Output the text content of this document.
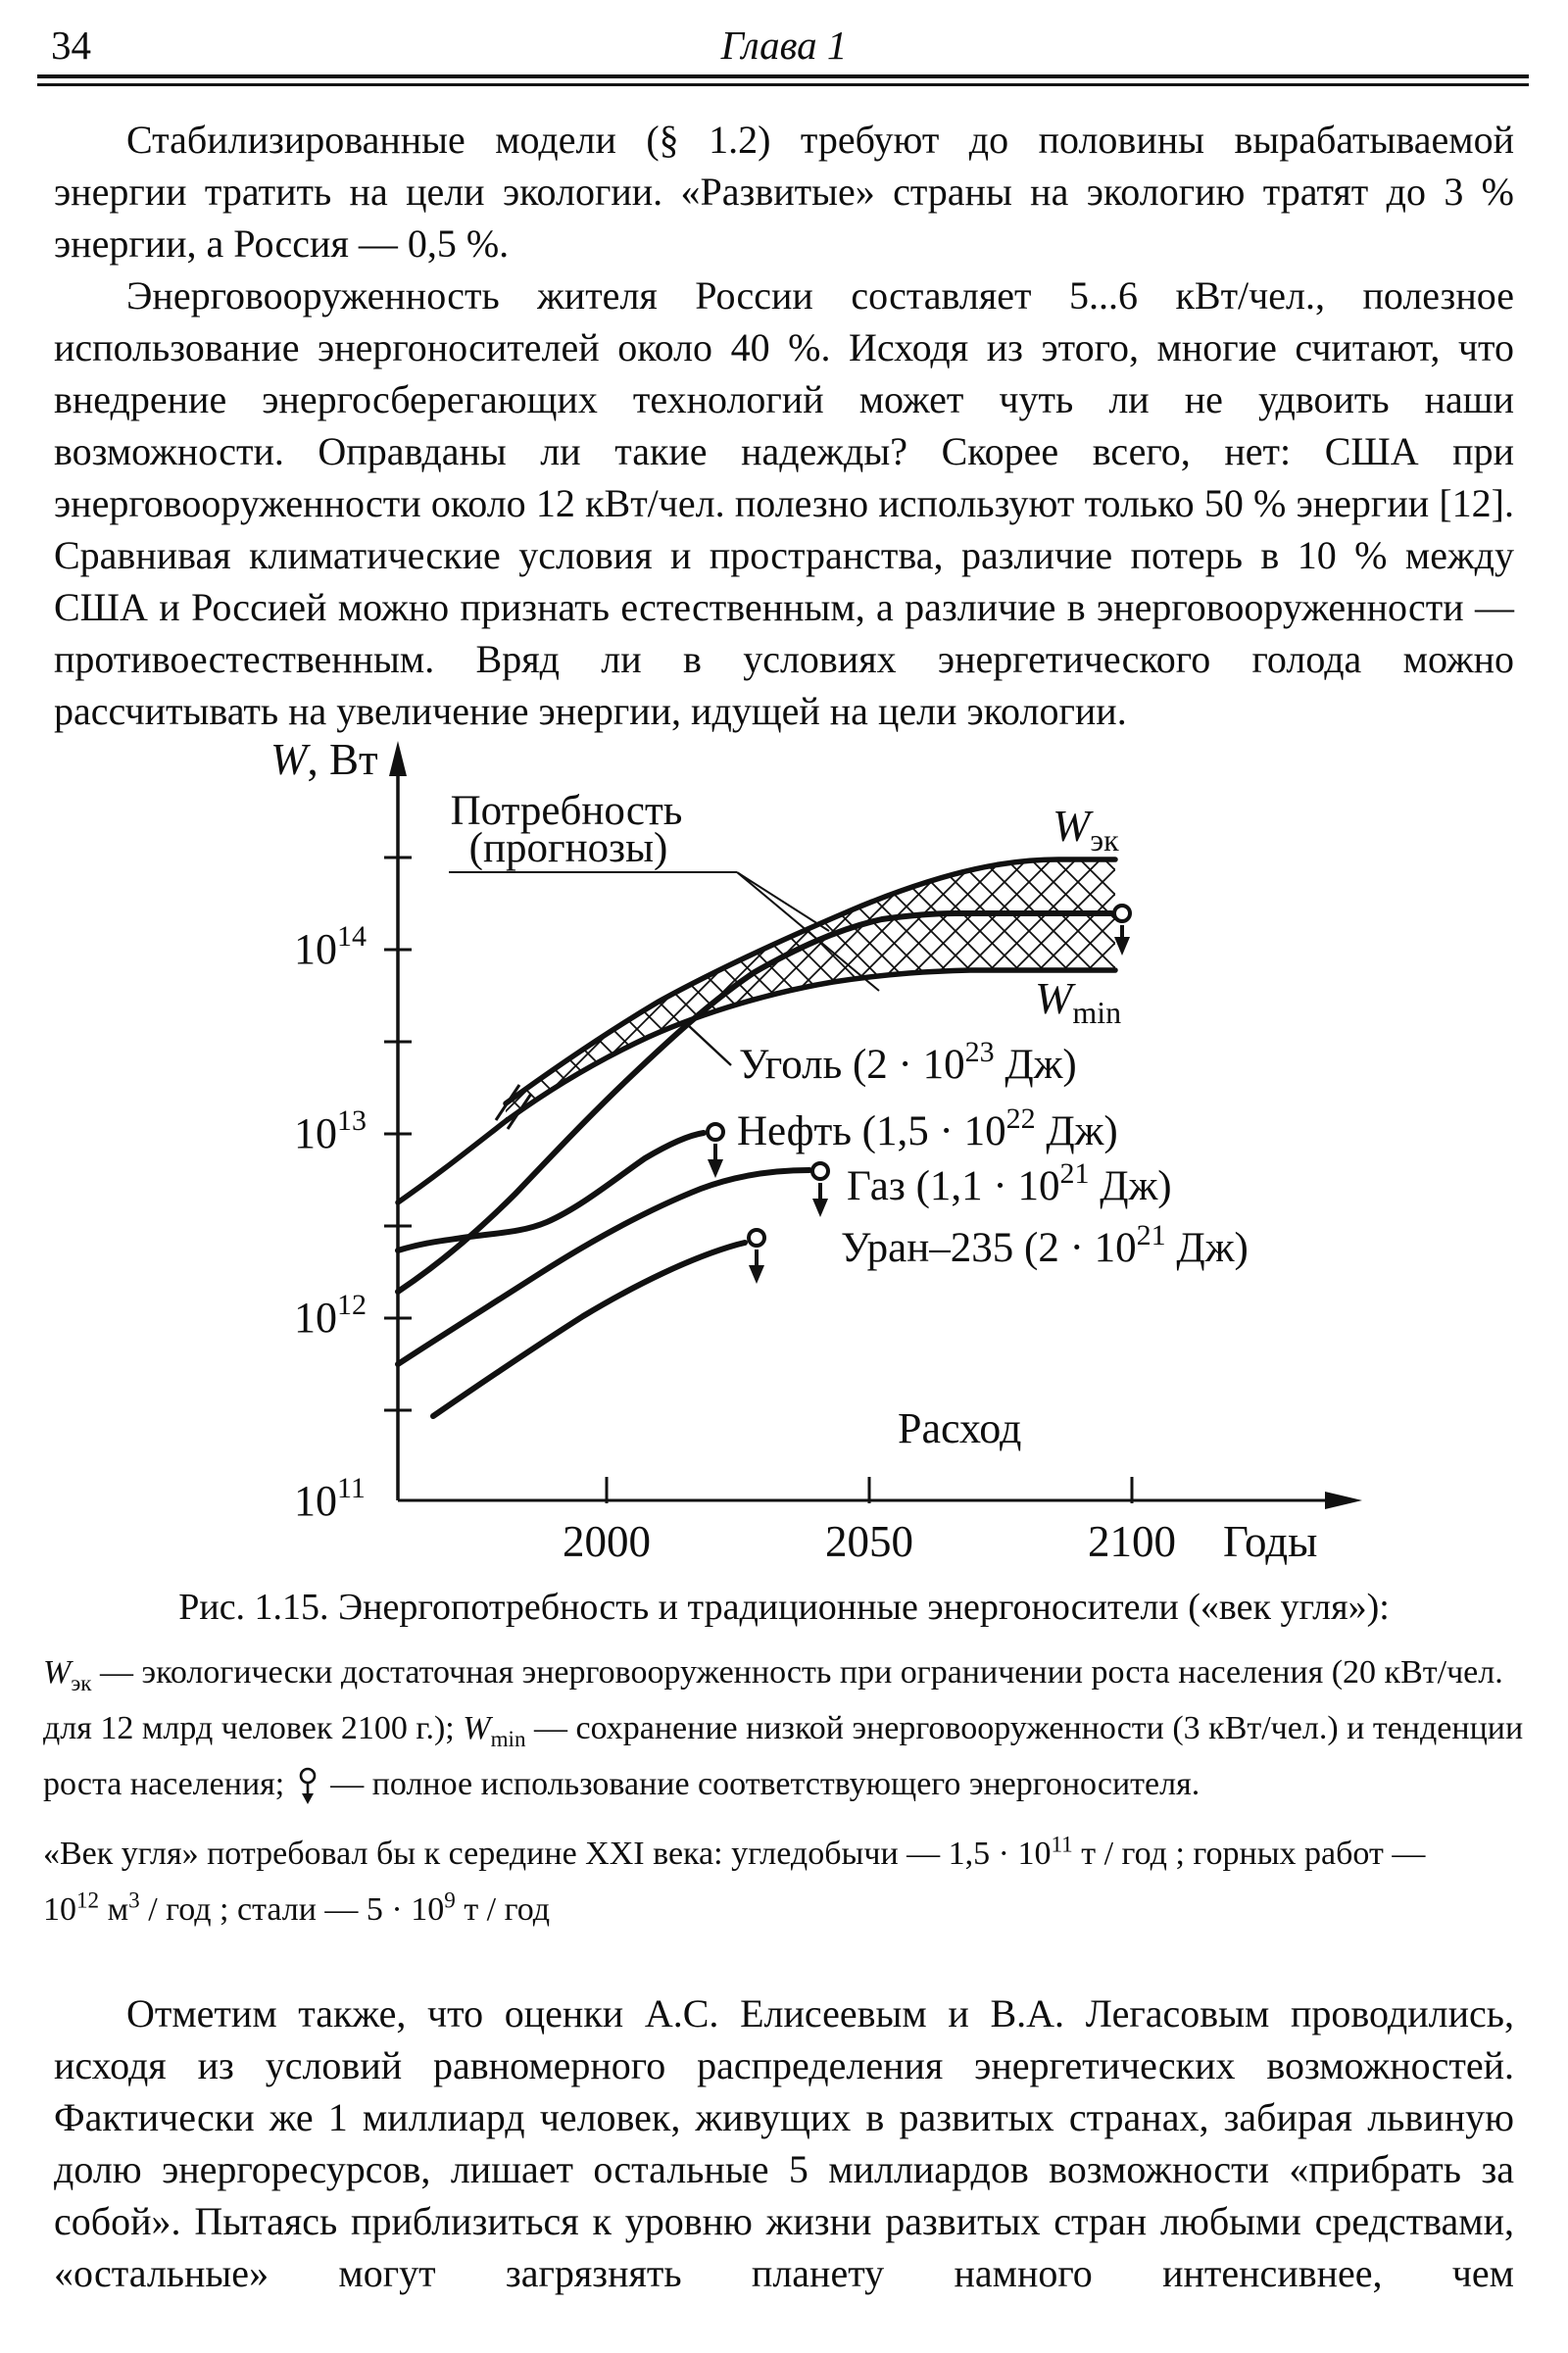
34	Глава 1

Стабилизированные модели (§ 1.2) требуют до половины вырабатываемой энергии тратить на цели экологии. «Развитые» страны на экологию тратят до 3 % энергии, а Россия — 0,5 %.

Энерговооруженность жителя России составляет 5...6 кВт/чел., полезное использование энергоносителей около 40 %. Исходя из этого, многие считают, что внедрение энергосберегающих технологий может чуть ли не удвоить наши возможности. Оправданы ли такие надежды? Скорее всего, нет: США при энерговооруженности около 12 кВт/чел. полезно используют только 50 % энергии [12]. Сравнивая климатические условия и пространства, различие потерь в 10 % между США и Россией можно признать естественным, а различие в энерговооруженности — противоестественным. Вряд ли в условиях энергетического голода можно рассчитывать на увеличение энергии, идущей на цели экологии.

W, Вт
$10^{14}$
$10^{13}$
$10^{12}$
$10^{11}$
2000	2050	2100 Годы
Потребность
(прогнозы)	$W_{эк}$
$W_{min}$
Уголь ($2 \cdot 10^{23}$ Дж)
Нефть ($1,5 \cdot 10^{22}$ Дж)
Газ ($1,1 \cdot 10^{21}$ Дж)
Уран–235 ($2 \cdot 10^{21}$ Дж)
Расход
Рис. 1.15. Энергопотребность и традиционные энергоносители («век угля»):
$W_{эк}$ — экологически достаточная энерговооруженность при ограничении роста населения (20 кВт/чел.
для 12 млрд человек 2100 г.); $W_{min}$ — сохранение низкой энерговооруженности (3 кВт/чел.) и тенденции
роста населения;  — полное использование соответствующего энергоносителя.
«Век угля» потребовал бы к середине XXI века: угледобычи — $1,5 \cdot 10^{11}$ т / год ; горных работ —
$10^{12}$ $м^3$ / год ; стали — $5 \cdot 10^9$ т / год

Отметим также, что оценки А.С. Елисеевым и В.А. Легасовым проводились, исходя из условий равномерного распределения энергетических возможностей. Фактически же 1 миллиард человек, живущих в развитых странах, забирая львиную долю энергоресурсов, лишает остальные 5 миллиардов возможности «прибрать за собой». Пытаясь приблизиться к уровню жизни развитых стран любыми средствами, «остальные» могут загрязнять планету намного интенсивнее, чем
